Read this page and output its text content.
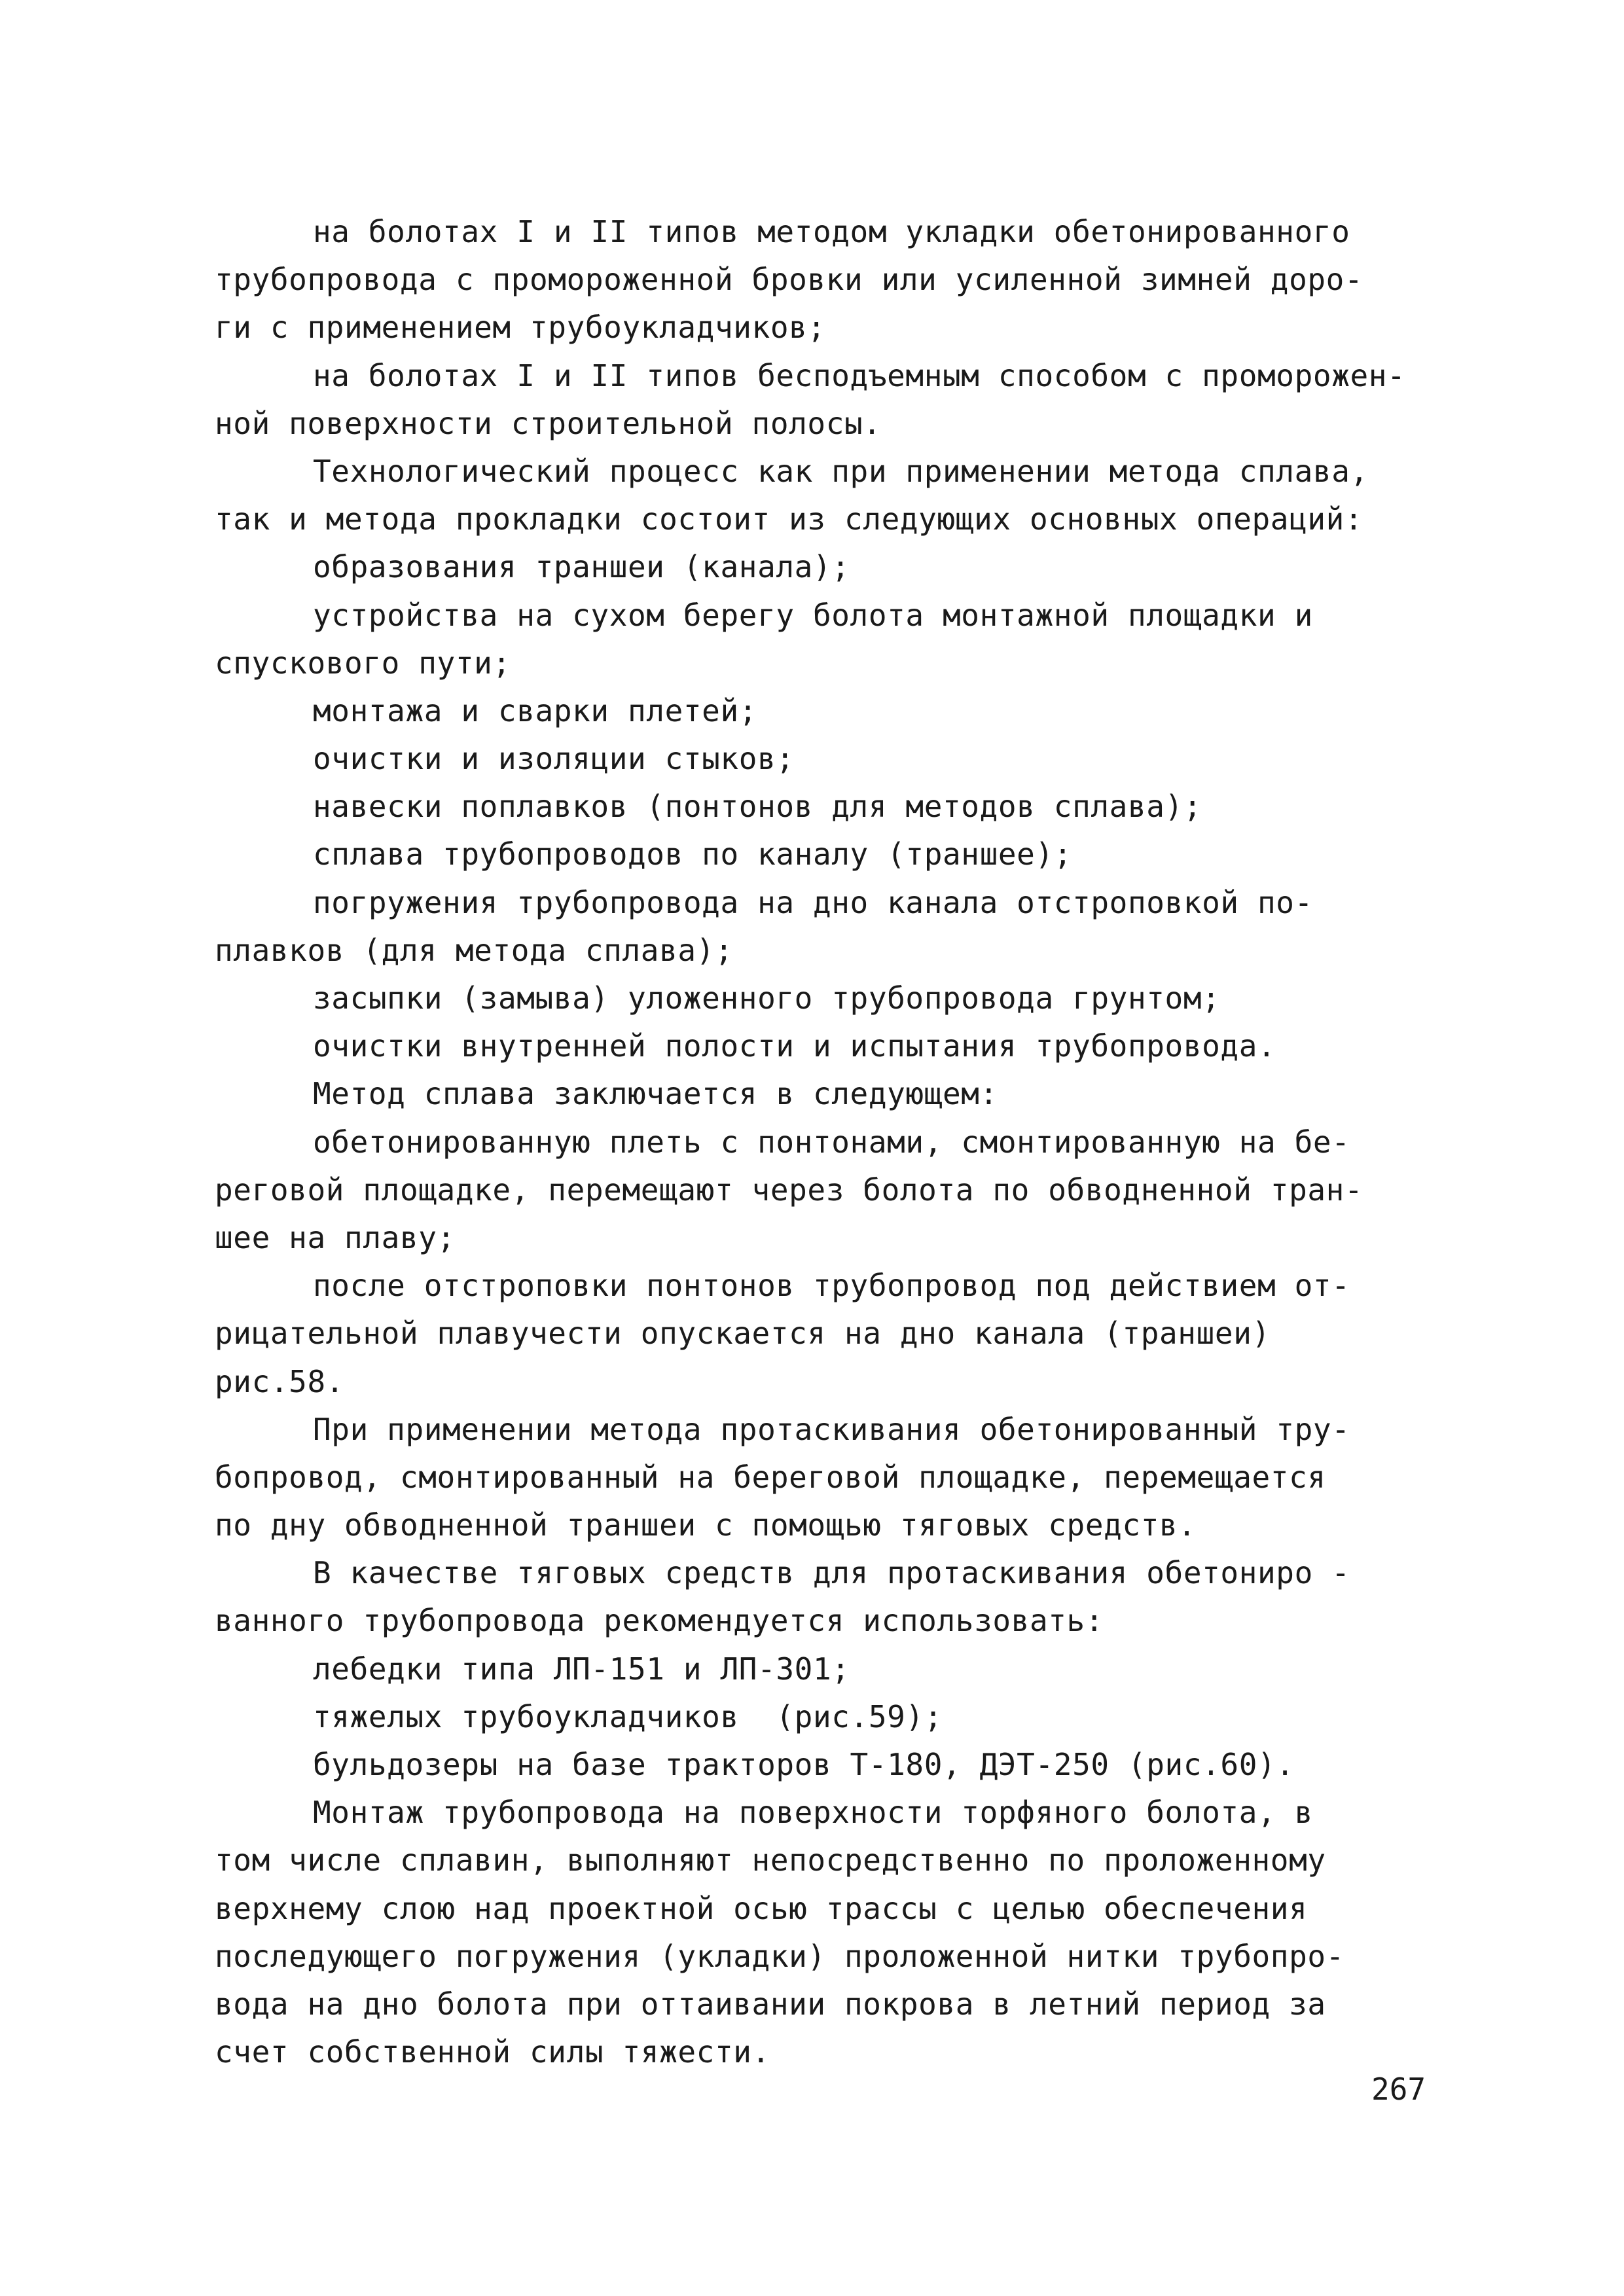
на болотах I и II типов методом укладки обетонированного
трубопровода с промороженной бровки или усиленной зимней доро-
ги с применением трубоукладчиков;
на болотах I и II типов бесподъемным способом с проморожен-
ной поверхности строительной полосы.
Технологический процесс как при применении метода сплава,
так и метода прокладки состоит из следующих основных операций:
образования траншеи (канала);
устройства на сухом берегу болота монтажной площадки и
спускового пути;
монтажа и сварки плетей;
очистки и изоляции стыков;
навески поплавков (понтонов для методов сплава);
сплава трубопроводов по каналу (траншее);
погружения трубопровода на дно канала отстроповкой по-
плавков (для метода сплава);
засыпки (замыва) уложенного трубопровода грунтом;
очистки внутренней полости и испытания трубопровода.
Метод сплава заключается в следующем:
обетонированную плеть с понтонами, смонтированную на бе-
реговой площадке, перемещают через болота по обводненной тран-
шее на плаву;
после отстроповки понтонов трубопровод под действием от-
рицательной плавучести опускается на дно канала (траншеи)
рис.58.
При применении метода протаскивания обетонированный тру-
бопровод, смонтированный на береговой площадке, перемещается
по дну обводненной траншеи с помощью тяговых средств.
В качестве тяговых средств для протаскивания обетониро -
ванного трубопровода рекомендуется использовать:
лебедки типа ЛП-151 и ЛП-301;
тяжелых трубоукладчиков  (рис.59);
бульдозеры на базе тракторов Т-180, ДЭТ-250 (рис.60).
Монтаж трубопровода на поверхности торфяного болота, в
том числе сплавин, выполняют непосредственно по проложенному
верхнему слою над проектной осью трассы с целью обеспечения
последующего погружения (укладки) проложенной нитки трубопро-
вода на дно болота при оттаивании покрова в летний период за
счет собственной силы тяжести.
267
